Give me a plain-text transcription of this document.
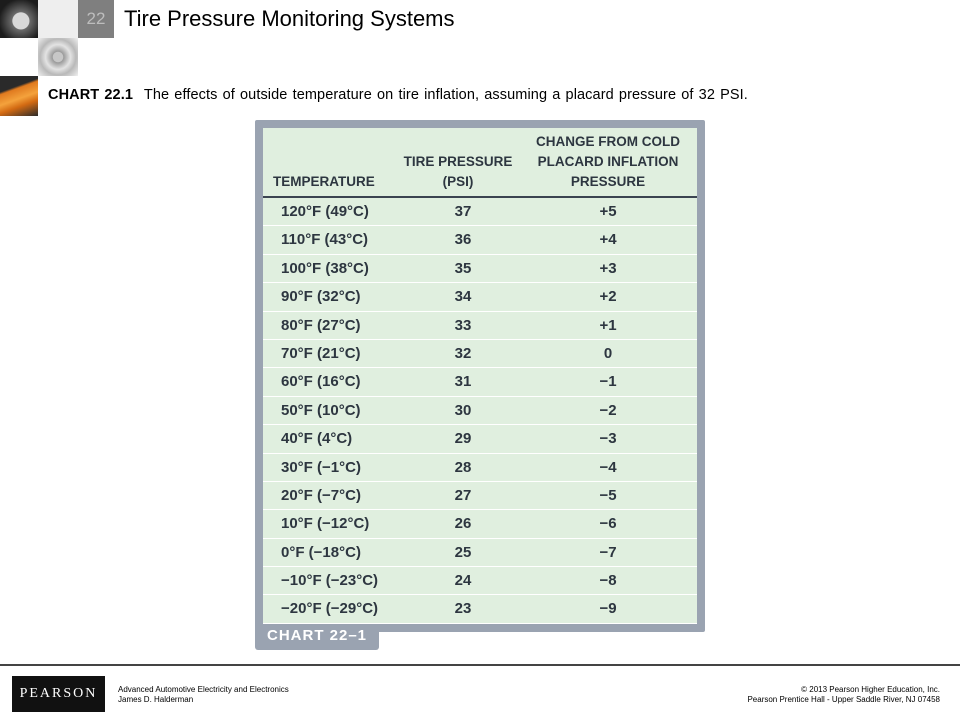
22 Tire Pressure Monitoring Systems
CHART 22.1 The effects of outside temperature on tire inflation, assuming a placard pressure of 32 PSI.
TEMPERATURE
TIRE PRESSURE (PSI)
CHANGE FROM COLD PLACARD INFLATION PRESSURE
120°F (49°C)	37	+5
110°F (43°C)	36	+4
100°F (38°C)	35	+3
90°F (32°C)	34	+2
80°F (27°C)	33	+1
70°F (21°C)	32	0
60°F (16°C)	31	−1
50°F (10°C)	30	−2
40°F (4°C)	29	−3
30°F (−1°C)	28	−4
20°F (−7°C)	27	−5
10°F (−12°C)	26	−6
0°F (−18°C)	25	−7
−10°F (−23°C)	24	−8
−20°F (−29°C)	23	−9
CHART 22–1
PEARSON	Advanced Automotive Electricity and Electronics
James D. Halderman
© 2013 Pearson Higher Education, Inc.
Pearson Prentice Hall - Upper Saddle River, NJ 07458
